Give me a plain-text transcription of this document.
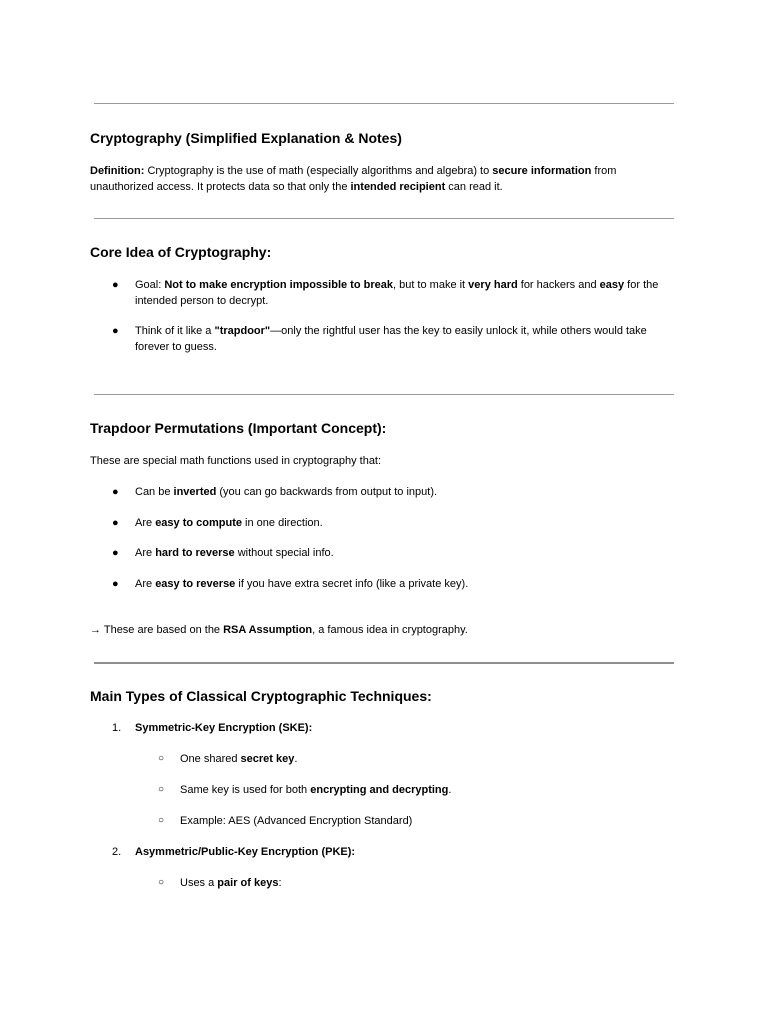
Cryptography (Simplified Explanation & Notes)

Definition: Cryptography is the use of math (especially algorithms and algebra) to secure information from unauthorized access. It protects data so that only the intended recipient can read it.

Core Idea of Cryptography:
● Goal: Not to make encryption impossible to break, but to make it very hard for hackers and easy for the intended person to decrypt.

● Think of it like a "trapdoor"—only the rightful user has the key to easily unlock it, while others would take forever to guess.

Trapdoor Permutations (Important Concept):

These are special math functions used in cryptography that:

● Can be inverted (you can go backwards from output to input).

● Are easy to compute in one direction.

● Are hard to reverse without special info.

● Are easy to reverse if you have extra secret info (like a private key).

→ These are based on the RSA Assumption, a famous idea in cryptography.

Main Types of Classical Cryptographic Techniques:
1. Symmetric-Key Encryption (SKE):

○ One shared secret key.

○ Same key is used for both encrypting and decrypting.

○ Example: AES (Advanced Encryption Standard)

2. Asymmetric/Public-Key Encryption (PKE):

○ Uses a pair of keys:
